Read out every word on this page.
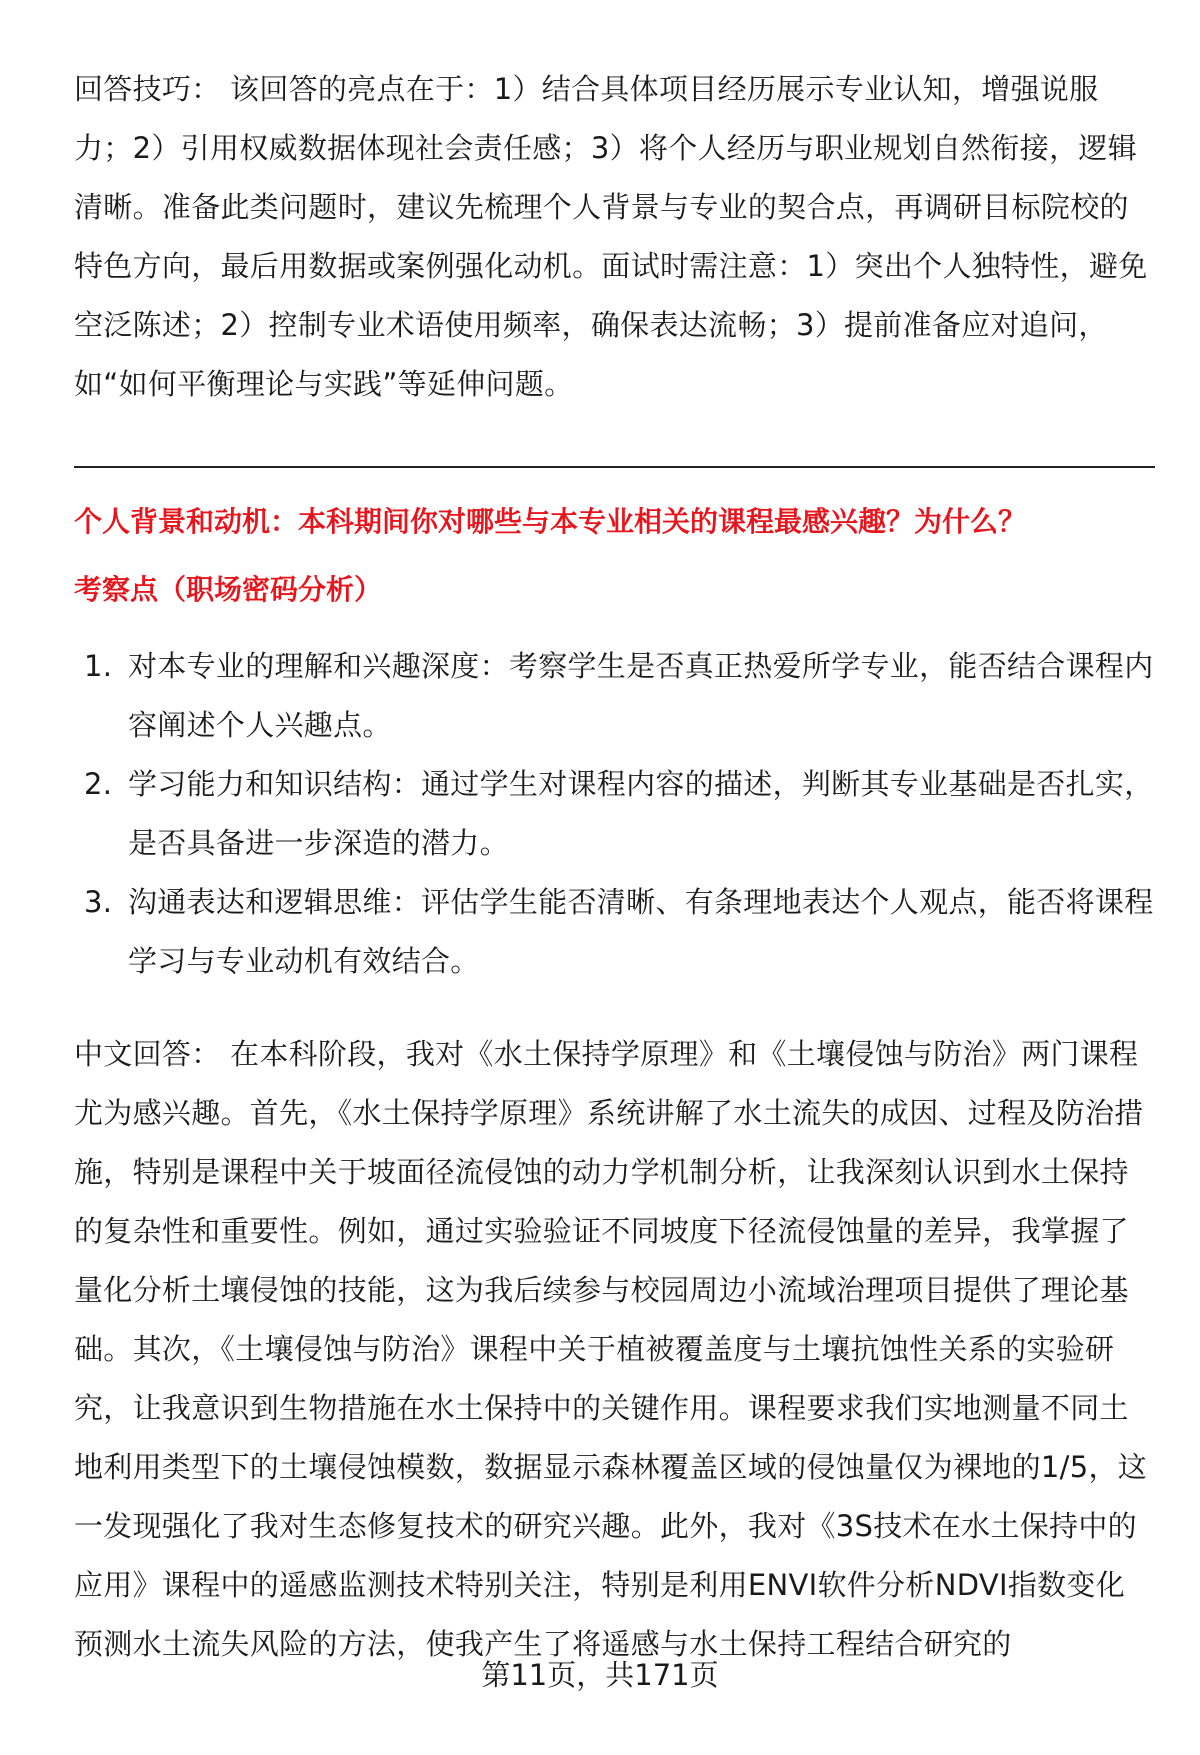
回答技巧： 该回答的亮点在于：1）结合具体项目经历展示专业认知，增强说服力；2）引用权威数据体现社会责任感；3）将个人经历与职业规划自然衔接，逻辑清晰。准备此类问题时，建议先梳理个人背景与专业的契合点，再调研目标院校的特色方向，最后用数据或案例强化动机。面试时需注意：1）突出个人独特性，避免空泛陈述；2）控制专业术语使用频率，确保表达流畅；3）提前准备应对追问，如“如何平衡理论与实践”等延伸问题。

个人背景和动机：本科期间你对哪些与本专业相关的课程最感兴趣？为什么？

考察点（职场密码分析）

1. 对本专业的理解和兴趣深度：考察学生是否真正热爱所学专业，能否结合课程内容阐述个人兴趣点。
2. 学习能力和知识结构：通过学生对课程内容的描述，判断其专业基础是否扎实，是否具备进一步深造的潜力。
3. 沟通表达和逻辑思维：评估学生能否清晰、有条理地表达个人观点，能否将课程学习与专业动机有效结合。

中文回答： 在本科阶段，我对《水土保持学原理》和《土壤侵蚀与防治》两门课程尤为感兴趣。首先，《水土保持学原理》系统讲解了水土流失的成因、过程及防治措施，特别是课程中关于坡面径流侵蚀的动力学机制分析，让我深刻认识到水土保持的复杂性和重要性。例如，通过实验验证不同坡度下径流侵蚀量的差异，我掌握了量化分析土壤侵蚀的技能，这为我后续参与校园周边小流域治理项目提供了理论基础。其次，《土壤侵蚀与防治》课程中关于植被覆盖度与土壤抗蚀性关系的实验研究，让我意识到生物措施在水土保持中的关键作用。课程要求我们实地测量不同土地利用类型下的土壤侵蚀模数，数据显示森林覆盖区域的侵蚀量仅为裸地的1/5，这一发现强化了我对生态修复技术的研究兴趣。此外，我对《3S技术在水土保持中的应用》课程中的遥感监测技术特别关注，特别是利用ENVI软件分析NDVI指数变化预测水土流失风险的方法，使我产生了将遥感与水土保持工程结合研究的

第11页，共171页
